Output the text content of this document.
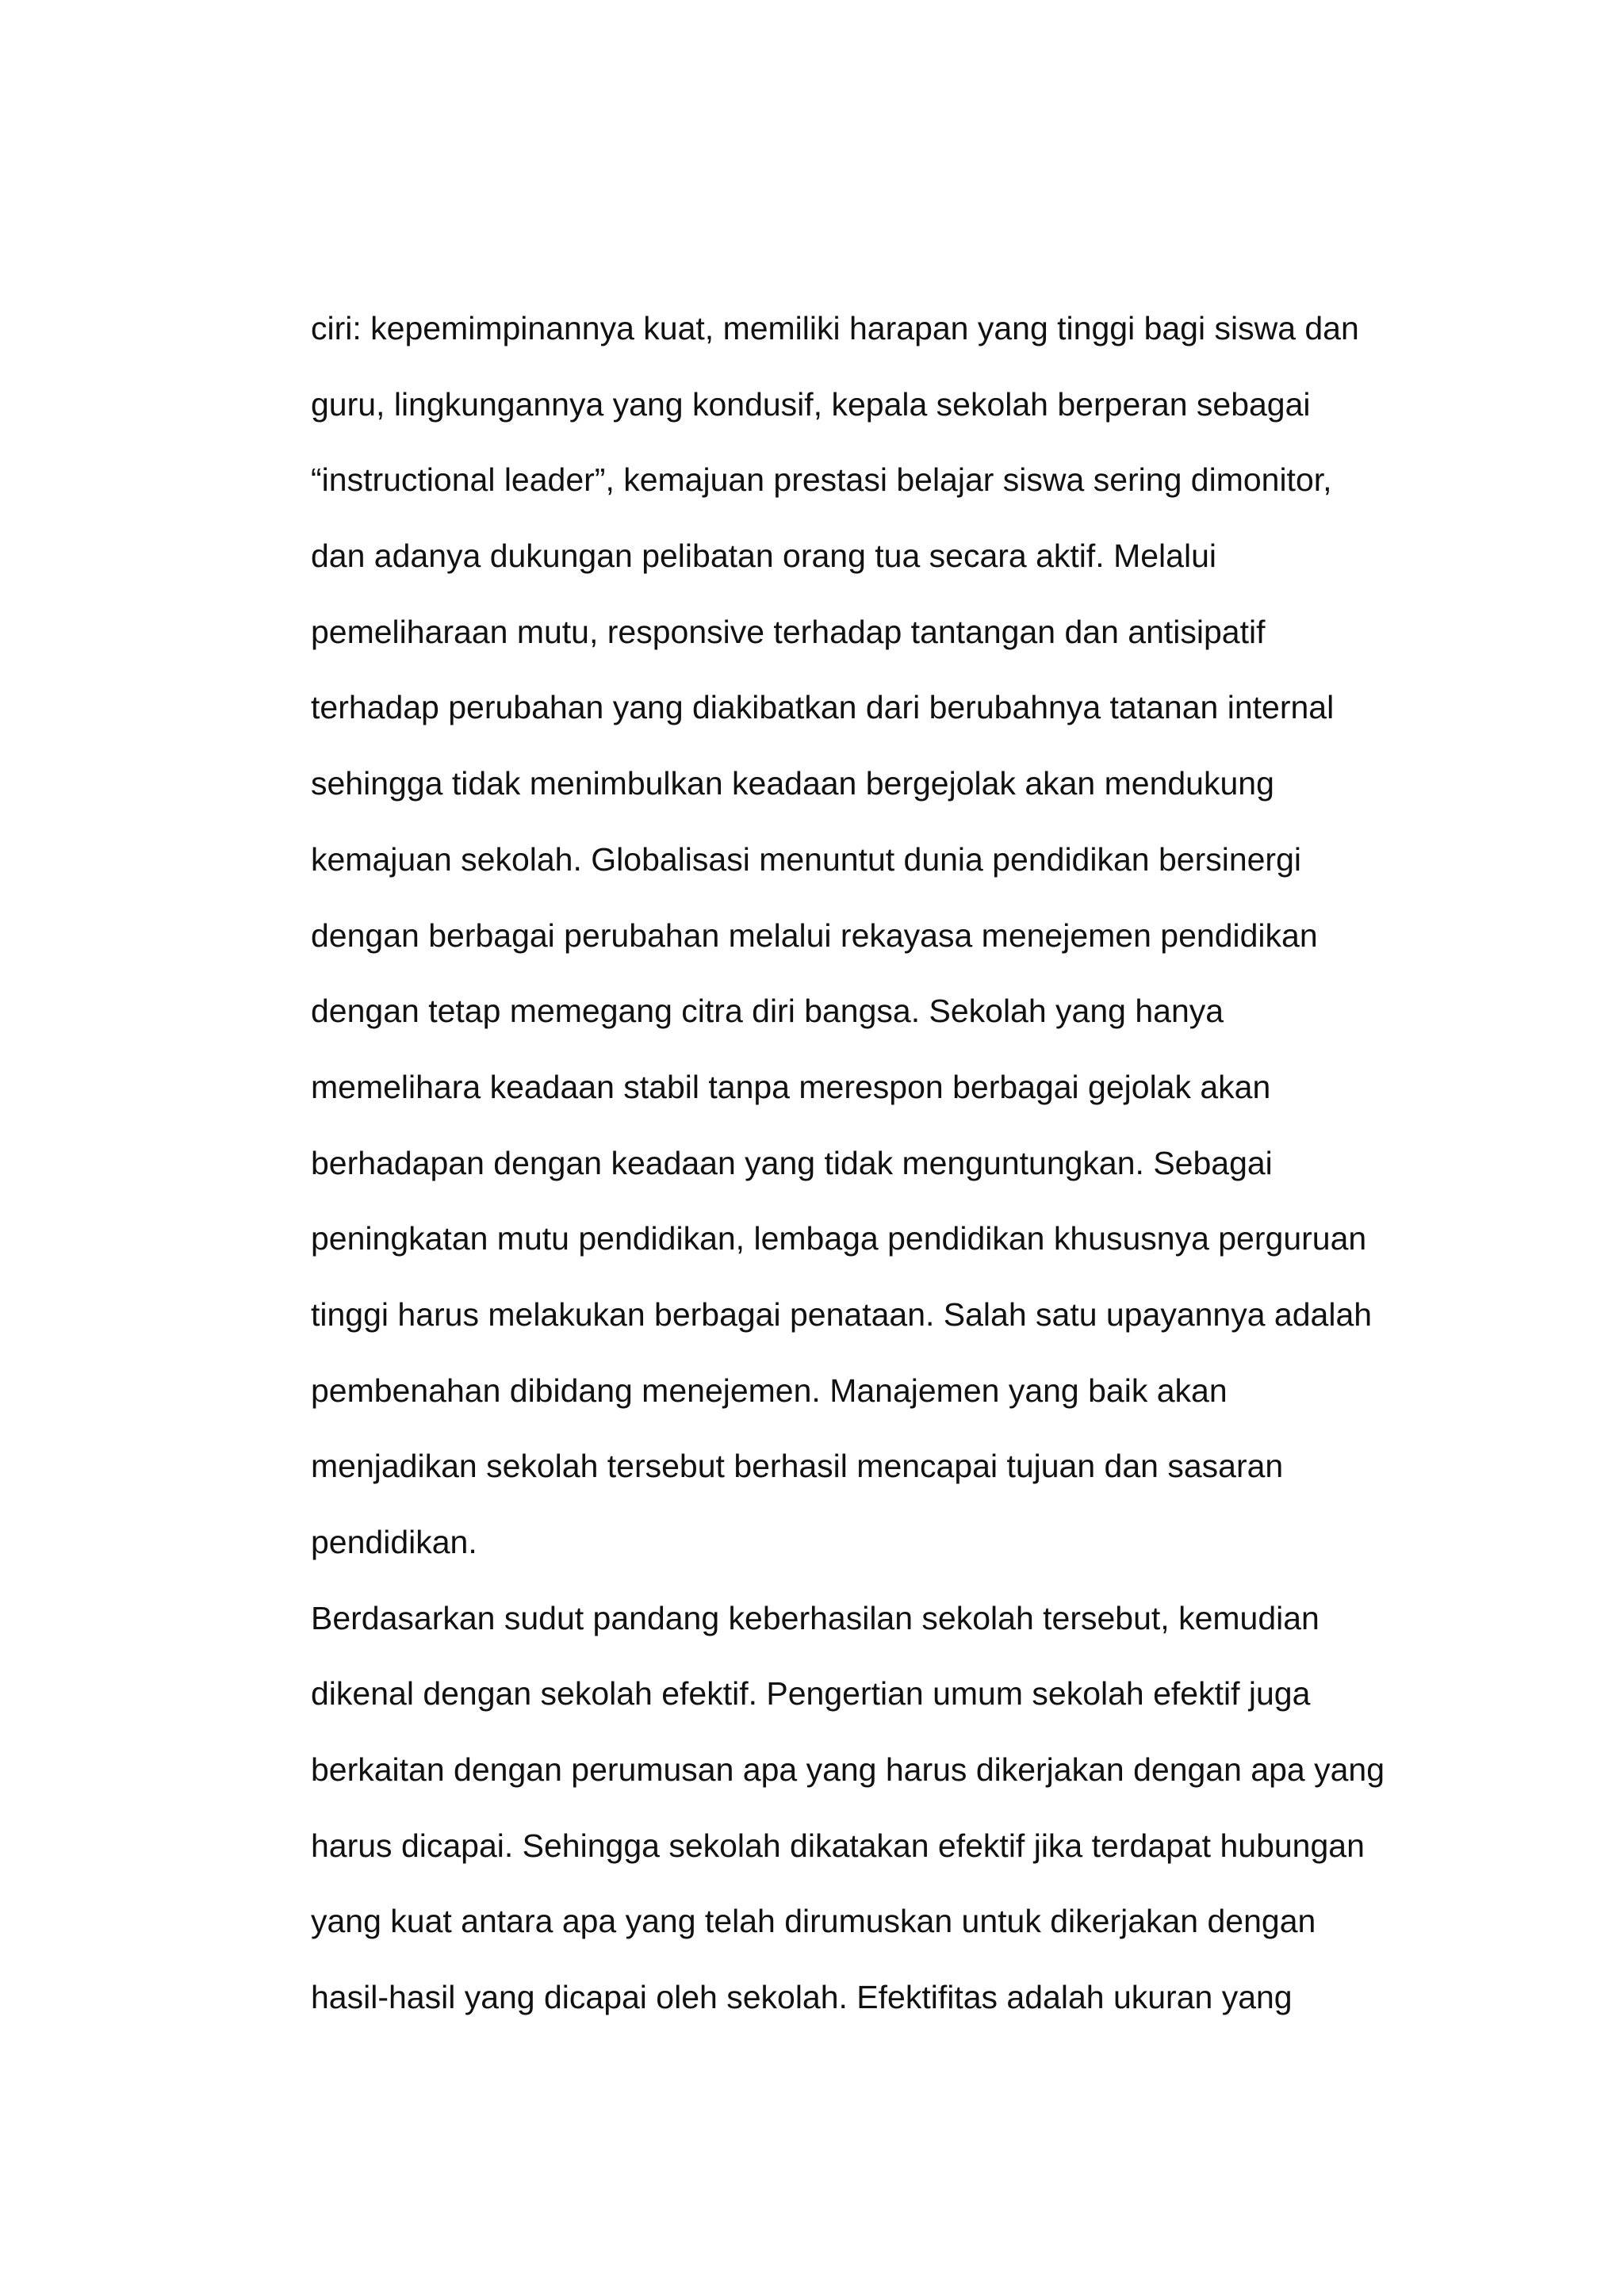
ciri: kepemimpinannya kuat, memiliki harapan yang tinggi bagi siswa dan
guru, lingkungannya yang kondusif, kepala sekolah berperan sebagai
“instructional leader”, kemajuan prestasi belajar siswa sering dimonitor,
dan adanya dukungan pelibatan orang tua secara aktif. Melalui
pemeliharaan mutu, responsive terhadap tantangan dan antisipatif
terhadap perubahan yang diakibatkan dari berubahnya tatanan internal
sehingga tidak menimbulkan keadaan bergejolak akan mendukung
kemajuan sekolah. Globalisasi menuntut dunia pendidikan bersinergi
dengan berbagai perubahan melalui rekayasa menejemen pendidikan
dengan tetap memegang citra diri bangsa. Sekolah yang hanya
memelihara keadaan stabil tanpa merespon berbagai gejolak akan
berhadapan dengan keadaan yang tidak menguntungkan. Sebagai
peningkatan mutu pendidikan, lembaga pendidikan khususnya perguruan
tinggi harus melakukan berbagai penataan. Salah satu upayannya adalah
pembenahan dibidang menejemen. Manajemen yang baik akan
menjadikan sekolah tersebut berhasil mencapai tujuan dan sasaran
pendidikan.
Berdasarkan sudut pandang keberhasilan sekolah tersebut, kemudian
dikenal dengan sekolah efektif. Pengertian umum sekolah efektif juga
berkaitan dengan perumusan apa yang harus dikerjakan dengan apa yang
harus dicapai. Sehingga sekolah dikatakan efektif jika terdapat hubungan
yang kuat antara apa yang telah dirumuskan untuk dikerjakan dengan
hasil-hasil yang dicapai oleh sekolah. Efektifitas adalah ukuran yang
